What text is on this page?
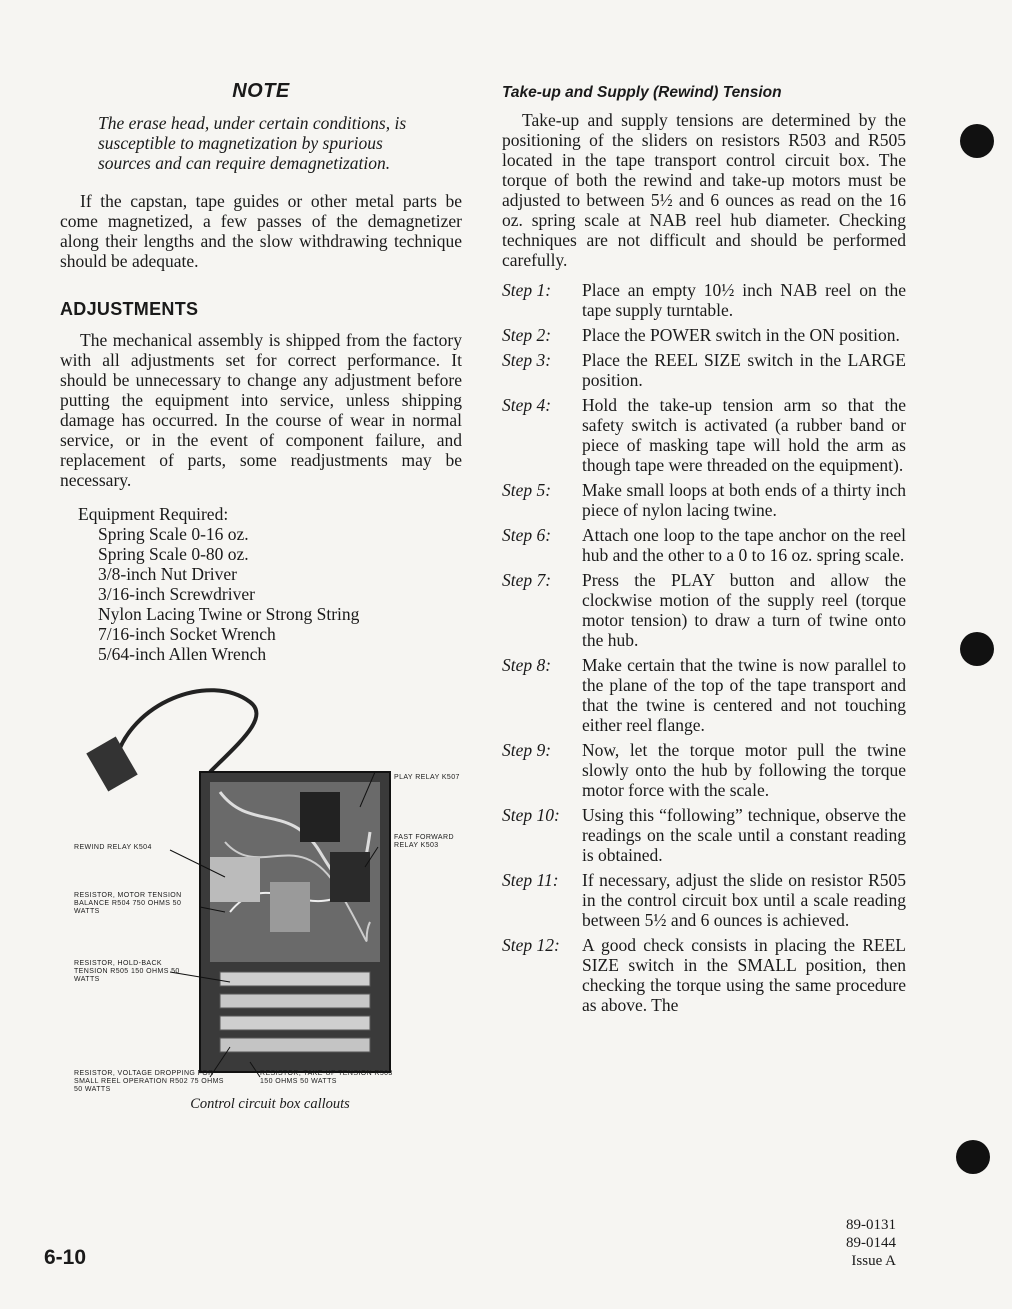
NOTE
The erase head, under certain conditions, is susceptible to magnetization by spurious sources and can require demagnetization.

If the capstan, tape guides or other metal parts be come magnetized, a few passes of the demagnetizer along their lengths and the slow withdrawing technique should be adequate.

ADJUSTMENTS

The mechanical assembly is shipped from the factory with all adjustments set for correct performance. It should be unnecessary to change any adjustment before putting the equipment into service, unless shipping damage has occurred. In the course of wear in normal service, or in the event of component failure, and replacement of parts, some readjustments may be necessary.

Equipment Required:
Spring Scale 0-16 oz.
Spring Scale 0-80 oz.
3/8-inch Nut Driver
3/16-inch Screwdriver
Nylon Lacing Twine or Strong String
7/16-inch Socket Wrench
5/64-inch Allen Wrench
PLAY RELAY K507
FAST FORWARD RELAY K503
REWIND RELAY K504
RESISTOR, MOTOR TENSION BALANCE R504 750 OHMS 50 WATTS
RESISTOR, HOLD-BACK TENSION R505 150 OHMS 50 WATTS
RESISTOR, VOLTAGE DROPPING FOR SMALL REEL OPERATION R502 75 OHMS 50 WATTS
RESISTOR, TAKE-UP TENSION R503 150 OHMS 50 WATTS
Control circuit box callouts
Take-up and Supply (Rewind) Tension

Take-up and supply tensions are determined by the positioning of the sliders on resistors R503 and R505 located in the tape transport control circuit box. The torque of both the rewind and take-up motors must be adjusted to between 5½ and 6 ounces as read on the 16 oz. spring scale at NAB reel hub diameter. Checking techniques are not difficult and should be performed carefully.

Step 1:	Place an empty 10½ inch NAB reel on the tape supply turntable.
Step 2:	Place the POWER switch in the ON position.
Step 3:	Place the REEL SIZE switch in the LARGE position.
Step 4:	Hold the take-up tension arm so that the safety switch is activated (a rubber band or piece of masking tape will hold the arm as though tape were threaded on the equipment).
Step 5:	Make small loops at both ends of a thirty inch piece of nylon lacing twine.
Step 6:	Attach one loop to the tape anchor on the reel hub and the other to a 0 to 16 oz. spring scale.
Step 7:	Press the PLAY button and allow the clockwise motion of the supply reel (torque motor tension) to draw a turn of twine onto the hub.
Step 8:	Make certain that the twine is now parallel to the plane of the top of the tape transport and that the twine is centered and not touching either reel flange.
Step 9:	Now, let the torque motor pull the twine slowly onto the hub by following the torque motor force with the scale.
Step 10:	Using this “following” technique, observe the readings on the scale until a constant reading is obtained.
Step 11:	If necessary, adjust the slide on resistor R505 in the control circuit box until a scale reading between 5½ and 6 ounces is achieved.
Step 12:	A good check consists in placing the REEL SIZE switch in the SMALL position, then checking the torque using the same procedure as above. The
6-10
89-0131
89-0144
Issue A
